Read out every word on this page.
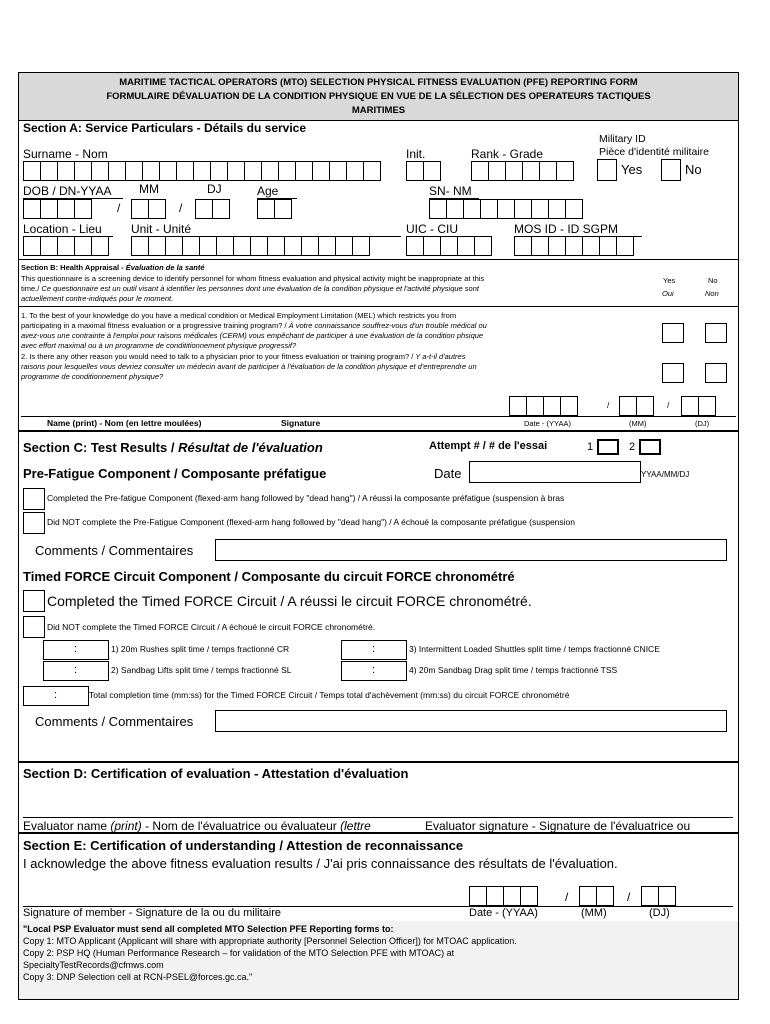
MARITIME TACTICAL OPERATORS (MTO) SELECTION PHYSICAL FITNESS EVALUATION (PFE) REPORTING FORM
FORMULAIRE DÉVALUATION DE LA CONDITION PHYSIQUE EN VUE DE LA SÉLECTION DES OPERATEURS TACTIQUES
MARITIMES
Section A: Service Particulars - Détails du service
Surname - Nom	Init.	Rank - Grade
Military ID
Pièce d'identité militaire
Yes	No
DOB / DN-YYAA	MM	DJ	Age	SN- NM
/	/
Location - Lieu	Unit - Unité	UIC - CIU	MOS ID - ID SGPM
Section B: Health Appraisal - Évaluation de la santé
This questionnaire is a screening device to identify personnel for whom fitness evaluation and physical activity might be inappropriate at this
time./ Ce questionnaire est un outil visant à identifier les personnes dont une évaluation de la condition physique et l'activité physique sont
actuellement contre-indiqués pour le moment.
Yes	No
Oui	Non
1. To the best of your knowledge do you have a medical condition or Medical Employment Limitation (MEL) which restricts you from
participating in a maximal fitness evaluation or a progressive training program? / À votre connaissance souffrez-vous d'un trouble médical ou
avez-vous une contrainte à l'emploi pour raisons médicales (CERM) vous empêchant de participer à une évaluation de la condition phsique
avec effort maximal ou à un programme de condititionnement physique progressif?
2. Is there any other reason you would need to talk to a physician prior to your fitness evaluation or training program? / Y a-t-il d'autres
raisons pour lesquelles vous devriez consulter un médecin avant de participer à l'évaluation de la condition physique et d'entreprendre un
programme de conditionnement physique?
/	/
Name (print) - Nom (en lettre moulées)	Signature	Date - (YYAA)	(MM)	(DJ)
Section C: Test Results / Résultat de l'évaluation	Attempt # / # de l'essai	1	2
Pre-Fatigue Component / Composante préfatigue	Date	YYAA/MM/DJ
Completed the Pre-fatigue Component (flexed-arm hang followed by "dead hang") / A réussi la composante préfatigue (suspension à bras
Did NOT complete the Pre-Fatigue Component (flexed-arm hang followed by "dead hang") / A échoué la composante préfatigue (suspension
Comments / Commentaires
Timed FORCE Circuit Component / Composante du circuit FORCE chronométré
Completed the Timed FORCE Circuit / A réussi le circuit FORCE chronométré.
Did NOT complete the Timed FORCE Circuit / A échoué le circuit FORCE chronométré.
:	1) 20m Rushes split time / temps fractionné CR	:	3) Intermittent Loaded Shuttles split time / temps fractionné CNICE
:	2) Sandbag Lifts split time / temps fractionné SL	:	4) 20m Sandbag Drag split time / temps fractionné TSS
:	Total completion time (mm:ss) for the Timed FORCE Circuit / Temps total d'achèvement (mm:ss) du circuit FORCE chronométré
Comments / Commentaires
Section D: Certification of evaluation - Attestation d'évaluation
Evaluator name (print) - Nom de l'évaluatrice ou évaluateur (lettre	Evaluator signature - Signature de l'évaluatrice ou
Section E: Certification of understanding / Attestion de reconnaissance
I acknowledge the above fitness evaluation results / J'ai pris connaissance des résultats de l'évaluation.
/	/
Signature of member - Signature de la ou du militaire	Date - (YYAA)	(MM)	(DJ)
"Local PSP Evaluator must send all completed MTO Selection PFE Reporting forms to:
Copy 1: MTO Applicant (Applicant will share with appropriate authority [Personnel Selection Officer]) for MTOAC application.
Copy 2: PSP HQ (Human Performance Research – for validation of the MTO Selection PFE with MTOAC) at
SpecialtyTestRecords@cfmws.com
Copy 3: DNP Selection cell at RCN-PSEL@forces.gc.ca."
